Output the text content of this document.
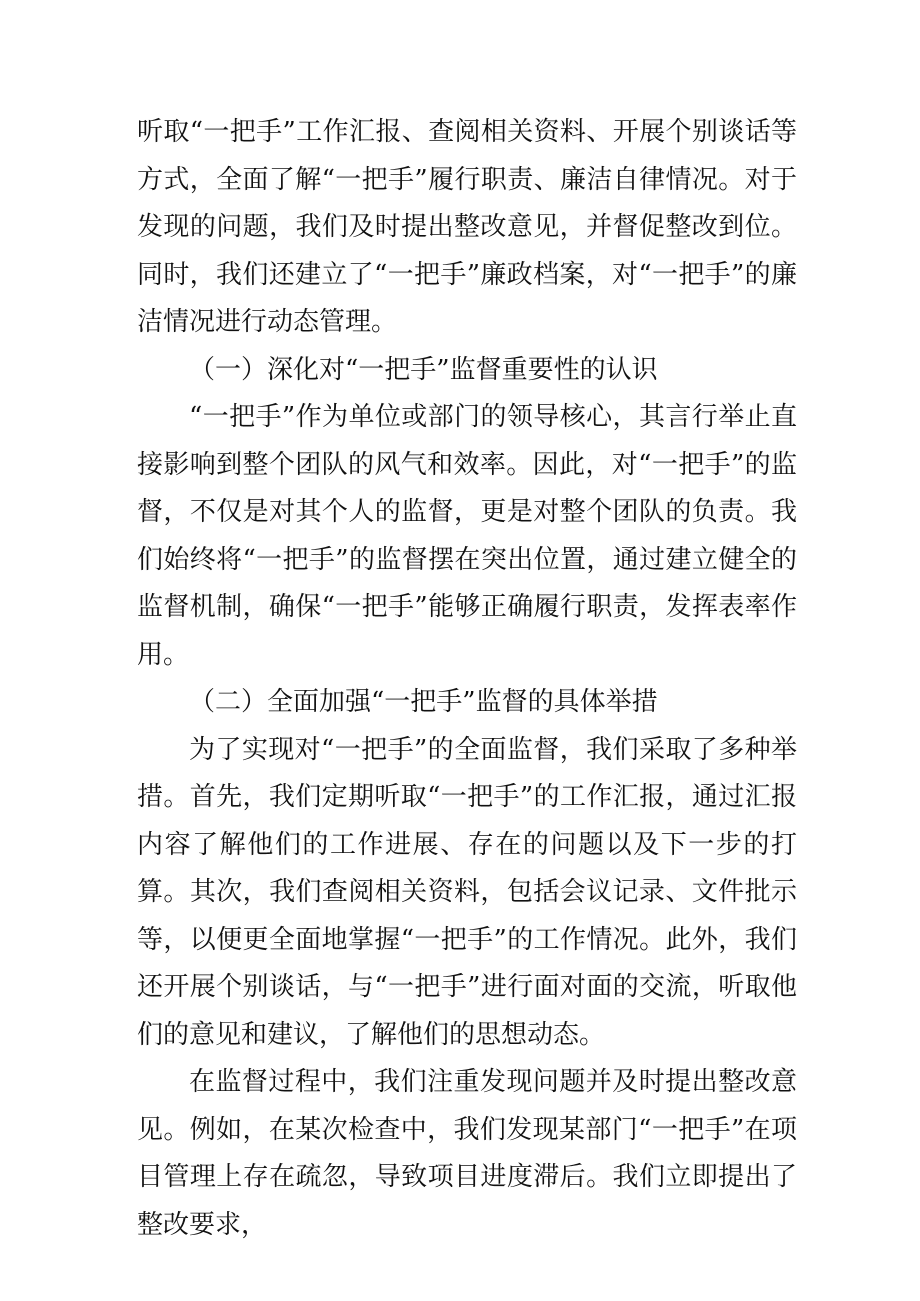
听取“一把手”工作汇报、查阅相关资料、开展个别谈话等方式，全面了解“一把手”履行职责、廉洁自律情况。对于发现的问题，我们及时提出整改意见，并督促整改到位。同时，我们还建立了“一把手”廉政档案，对“一把手”的廉洁情况进行动态管理。

（一）深化对“一把手”监督重要性的认识

“一把手”作为单位或部门的领导核心，其言行举止直接影响到整个团队的风气和效率。因此，对“一把手”的监督，不仅是对其个人的监督，更是对整个团队的负责。我们始终将“一把手”的监督摆在突出位置，通过建立健全的监督机制，确保“一把手”能够正确履行职责，发挥表率作用。

（二）全面加强“一把手”监督的具体举措

为了实现对“一把手”的全面监督，我们采取了多种举措。首先，我们定期听取“一把手”的工作汇报，通过汇报内容了解他们的工作进展、存在的问题以及下一步的打算。其次，我们查阅相关资料，包括会议记录、文件批示等，以便更全面地掌握“一把手”的工作情况。此外，我们还开展个别谈话，与“一把手”进行面对面的交流，听取他们的意见和建议，了解他们的思想动态。

在监督过程中，我们注重发现问题并及时提出整改意见。例如，在某次检查中，我们发现某部门“一把手”在项目管理上存在疏忽，导致项目进度滞后。我们立即提出了整改要求，
